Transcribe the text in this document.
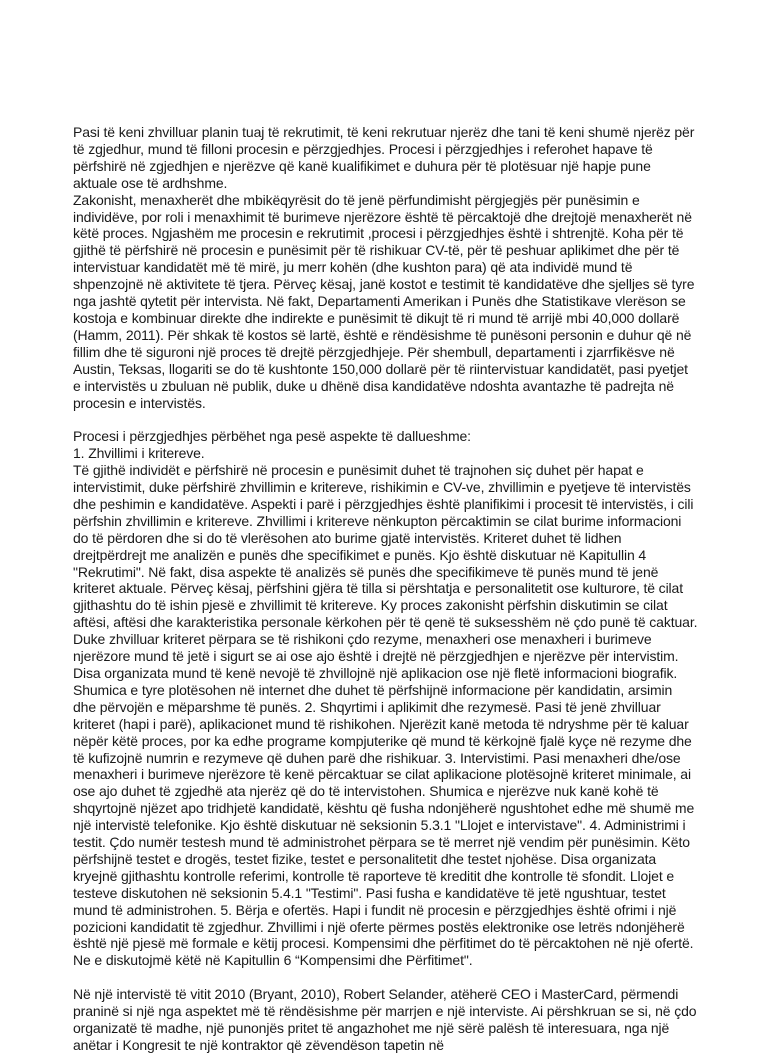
Pasi të keni zhvilluar planin tuaj të rekrutimit, të keni rekrutuar njerëz dhe tani të keni shumë njerëz për të zgjedhur, mund të filloni procesin e përzgjedhjes. Procesi i përzgjedhjes i referohet hapave të përfshirë në zgjedhjen e njerëzve që kanë kualifikimet e duhura për të plotësuar një hapje pune aktuale ose të ardhshme.

Zakonisht, menaxherët dhe mbikëqyrësit do të jenë përfundimisht përgjegjës për punësimin e individëve, por roli i menaxhimit të burimeve njerëzore është të përcaktojë dhe drejtojë menaxherët në këtë proces. Ngjashëm me procesin e rekrutimit ,procesi i përzgjedhjes është i shtrenjtë. Koha për të gjithë të përfshirë në procesin e punësimit për të rishikuar CV-të, për të peshuar aplikimet dhe për të intervistuar kandidatët më të mirë, ju merr kohën (dhe kushton para) që ata individë mund të shpenzojnë në aktivitete të tjera. Përveç kësaj, janë kostot e testimit të kandidatëve dhe sjelljes së tyre nga jashtë qytetit për intervista. Në fakt, Departamenti Amerikan i Punës dhe Statistikave vlerëson se kostoja e kombinuar direkte dhe indirekte e punësimit të dikujt të ri mund të arrijë mbi 40,000 dollarë (Hamm, 2011). Për shkak të kostos së lartë, është e rëndësishme të punësoni personin e duhur që në fillim dhe të siguroni një proces të drejtë përzgjedhjeje. Për shembull, departamenti i zjarrfikësve në Austin, Teksas, llogariti se do të kushtonte 150,000 dollarë për të riintervistuar kandidatët, pasi pyetjet e intervistës u zbuluan në publik, duke u dhënë disa kandidatëve ndoshta avantazhe të padrejta në procesin e intervistës.

Procesi i përzgjedhjes përbëhet nga pesë aspekte të dallueshme:

1. Zhvillimi i kritereve.

Të gjithë individët e përfshirë në procesin e punësimit duhet të trajnohen siç duhet për hapat e intervistimit, duke përfshirë zhvillimin e kritereve, rishikimin e CV-ve, zhvillimin e pyetjeve të intervistës dhe peshimin e kandidatëve. Aspekti i parë i përzgjedhjes është planifikimi i procesit të intervistës, i cili përfshin zhvillimin e kritereve. Zhvillimi i kritereve nënkupton përcaktimin se cilat burime informacioni do të përdoren dhe si do të vlerësohen ato burime gjatë intervistës. Kriteret duhet të lidhen drejtpërdrejt me analizën e punës dhe specifikimet e punës. Kjo është diskutuar në Kapitullin 4 "Rekrutimi". Në fakt, disa aspekte të analizës së punës dhe specifikimeve të punës mund të jenë kriteret aktuale. Përveç kësaj, përfshini gjëra të tilla si përshtatja e personalitetit ose kulturore, të cilat gjithashtu do të ishin pjesë e zhvillimit të kritereve. Ky proces zakonisht përfshin diskutimin se cilat aftësi, aftësi dhe karakteristika personale kërkohen për të qenë të suksesshëm në çdo punë të caktuar. Duke zhvilluar kriteret përpara se të rishikoni çdo rezyme, menaxheri ose menaxheri i burimeve njerëzore mund të jetë i sigurt se ai ose ajo është i drejtë në përzgjedhjen e njerëzve për intervistim. Disa organizata mund të kenë nevojë të zhvillojnë një aplikacion ose një fletë informacioni biografik. Shumica e tyre plotësohen në internet dhe duhet të përfshijnë informacione për kandidatin, arsimin dhe përvojën e mëparshme të punës. 2. Shqyrtimi i aplikimit dhe rezymesë. Pasi të jenë zhvilluar kriteret (hapi i parë), aplikacionet mund të rishikohen. Njerëzit kanë metoda të ndryshme për të kaluar nëpër këtë proces, por ka edhe programe kompjuterike që mund të kërkojnë fjalë kyçe në rezyme dhe të kufizojnë numrin e rezymeve që duhen parë dhe rishikuar. 3. Intervistimi. Pasi menaxheri dhe/ose menaxheri i burimeve njerëzore të kenë përcaktuar se cilat aplikacione plotësojnë kriteret minimale, ai ose ajo duhet të zgjedhë ata njerëz që do të intervistohen. Shumica e njerëzve nuk kanë kohë të shqyrtojnë njëzet apo tridhjetë kandidatë, kështu që fusha ndonjëherë ngushtohet edhe më shumë me një intervistë telefonike. Kjo është diskutuar në seksionin 5.3.1 "Llojet e intervistave". 4. Administrimi i testit. Çdo numër testesh mund të administrohet përpara se të merret një vendim për punësimin. Këto përfshijnë testet e drogës, testet fizike, testet e personalitetit dhe testet njohëse. Disa organizata kryejnë gjithashtu kontrolle referimi, kontrolle të raporteve të kreditit dhe kontrolle të sfondit. Llojet e testeve diskutohen në seksionin 5.4.1 "Testimi". Pasi fusha e kandidatëve të jetë ngushtuar, testet mund të administrohen. 5. Bërja e ofertës. Hapi i fundit në procesin e përzgjedhjes është ofrimi i një pozicioni kandidatit të zgjedhur. Zhvillimi i një oferte përmes postës elektronike ose letrës ndonjëherë është një pjesë më formale e këtij procesi. Kompensimi dhe përfitimet do të përcaktohen në një ofertë. Ne e diskutojmë këtë në Kapitullin 6 “Kompensimi dhe Përfitimet".

Në një intervistë të vitit 2010 (Bryant, 2010), Robert Selander, atëherë CEO i MasterCard, përmendi praninë si një nga aspektet më të rëndësishme për marrjen e një interviste. Ai përshkruan se si, në çdo organizatë të madhe, një punonjës pritet të angazhohet me një sërë palësh të interesuara, nga një anëtar i Kongresit te një kontraktor që zëvendëson tapetin në
